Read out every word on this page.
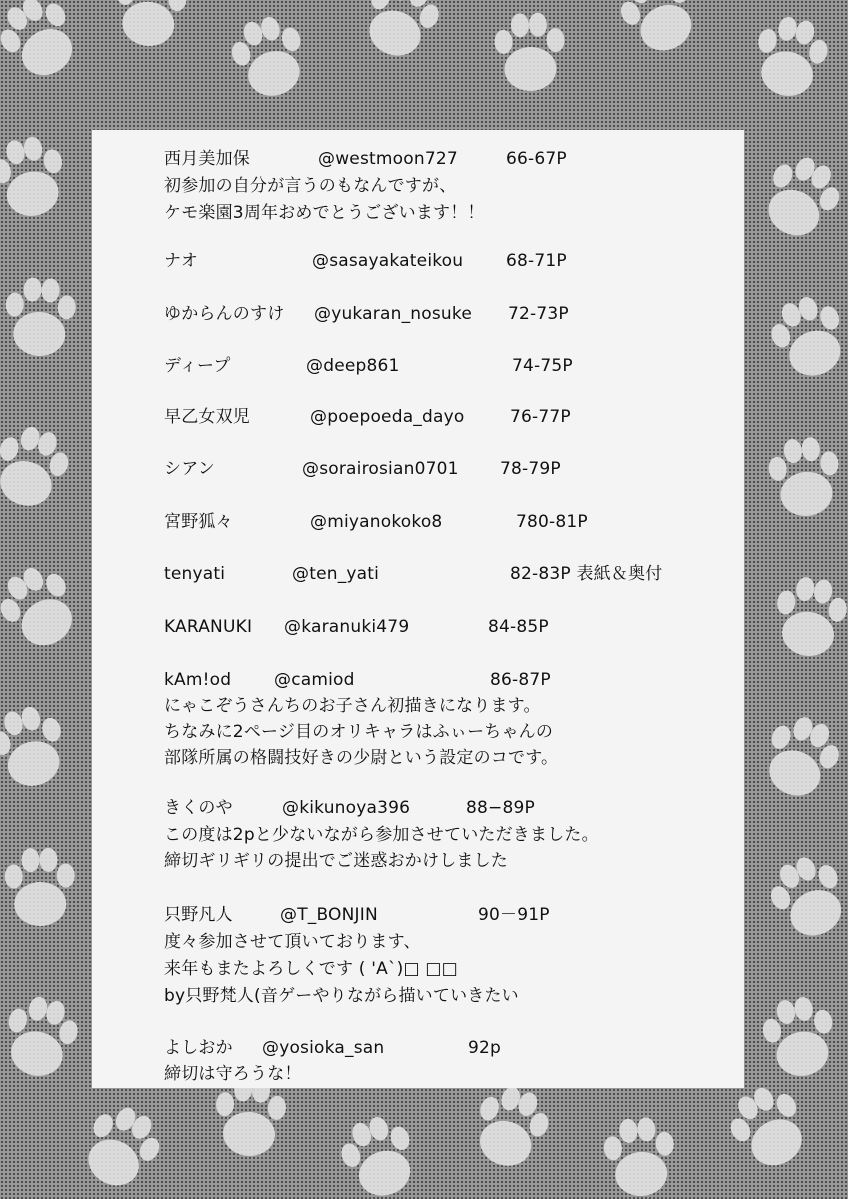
西月美加保	@westmoon727	66-67P
初参加の自分が言うのもなんですが、
ケモ楽園3周年おめでとうございます！！
ナオ	@sasayakateikou	68-71P
ゆからんのすけ @yukaran_nosuke 72-73P
ディープ	@deep861	74-75P
早乙女双児	@poepoeda_dayo	76-77P
シアン	@sorairosian0701 78-79P
宮野狐々	@miyanokoko8	780-81P
tenyati	@ten_yati	82-83P 表紙＆奥付
KARANUKI @karanuki479	84-85P
kAm!od	@camiod	86-87P
にゃこぞうさんちのお子さん初描きになります。
ちなみに2ページ目のオリキャラはふぃーちゃんの
部隊所属の格闘技好きの少尉という設定のコです。
きくのや	@kikunoya396	88−89P
この度は2pと少ないながら参加させていただきました。
締切ギリギリの提出でご迷惑おかけしました
只野凡人	@T_BONJIN	90－91P
度々参加させて頂いております、
来年もまたよろしくです ( 'A`)□ □□
by只野梵人(音ゲーやりながら描いていきたい
よしおか @yosioka_san	92p
締切は守ろうな！
